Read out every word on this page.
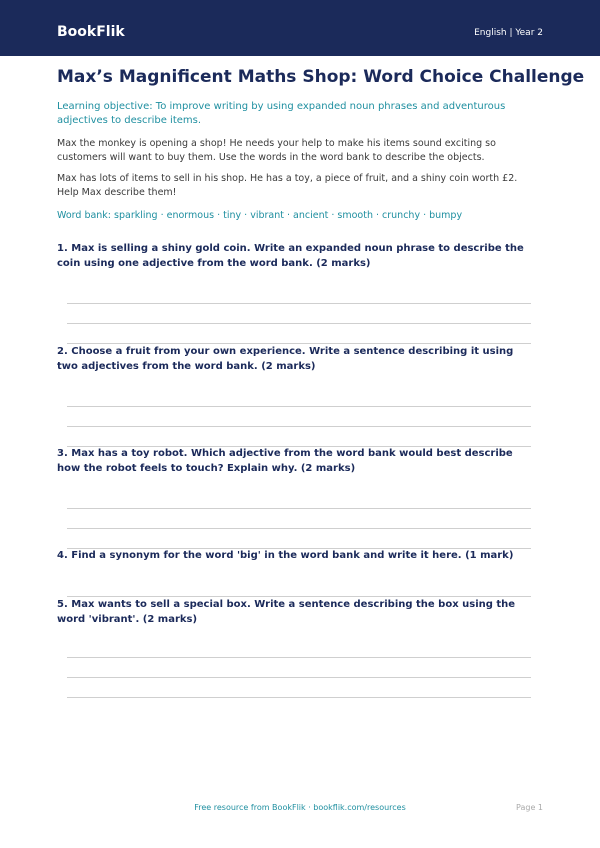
BookFlik	English | Year 2
Max’s Magnificent Maths Shop: Word Choice Challenge
Learning objective: To improve writing by using expanded noun phrases and adventurous adjectives to describe items.
Max the monkey is opening a shop! He needs your help to make his items sound exciting so customers will want to buy them. Use the words in the word bank to describe the objects.
Max has lots of items to sell in his shop. He has a toy, a piece of fruit, and a shiny coin worth £2. Help Max describe them!
Word bank: sparkling · enormous · tiny · vibrant · ancient · smooth · crunchy · bumpy
1. Max is selling a shiny gold coin. Write an expanded noun phrase to describe the coin using one adjective from the word bank. (2 marks)
2. Choose a fruit from your own experience. Write a sentence describing it using two adjectives from the word bank. (2 marks)
3. Max has a toy robot. Which adjective from the word bank would best describe how the robot feels to touch? Explain why. (2 marks)
4. Find a synonym for the word 'big' in the word bank and write it here. (1 mark)
5. Max wants to sell a special box. Write a sentence describing the box using the word 'vibrant'. (2 marks)
Free resource from BookFlik · bookflik.com/resources	Page 1
